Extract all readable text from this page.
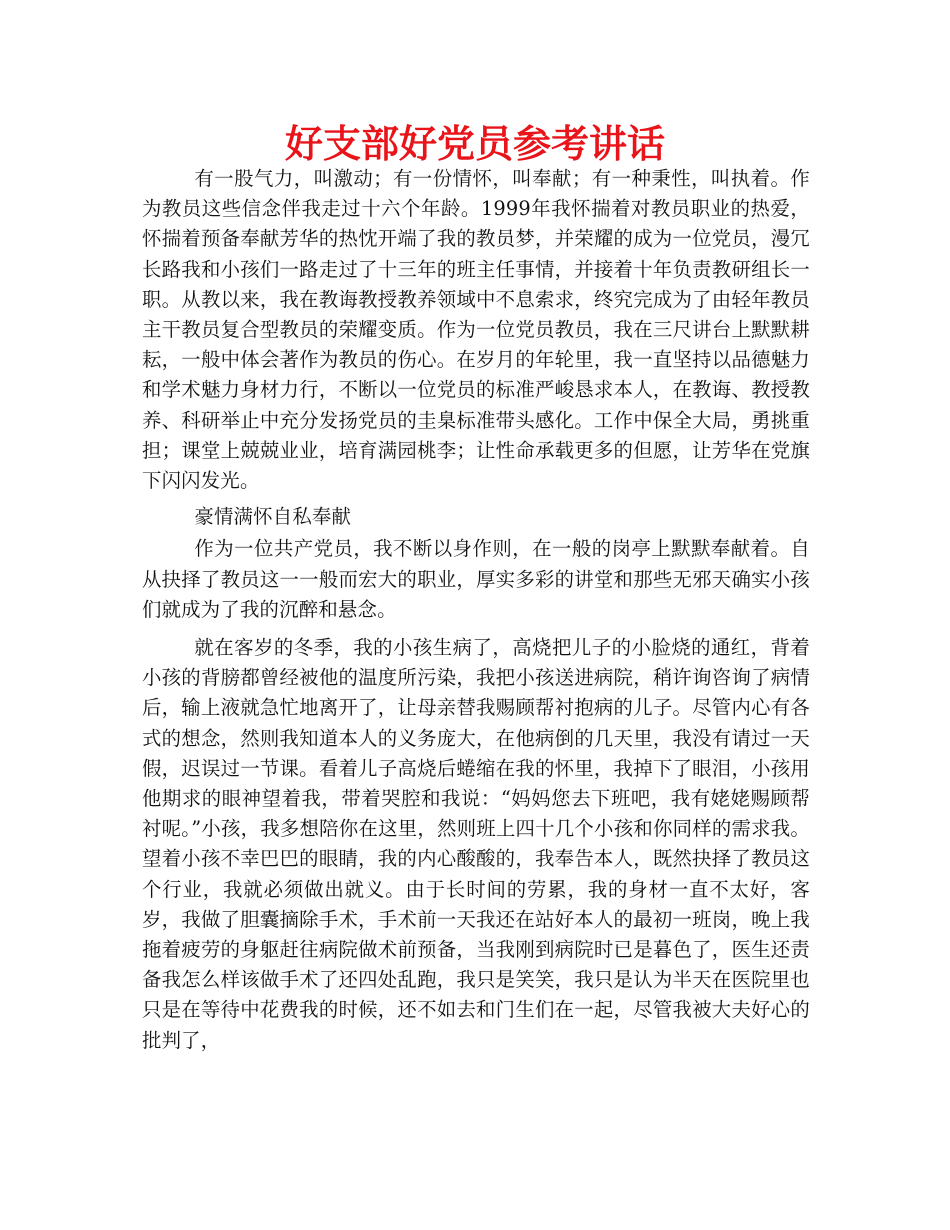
好支部好党员参考讲话

有一股气力，叫激动；有一份情怀，叫奉献；有一种秉性，叫执着。作为教员这些信念伴我走过十六个年龄。1999年我怀揣着对教员职业的热爱，怀揣着预备奉献芳华的热忱开端了我的教员梦，并荣耀的成为一位党员，漫冗长路我和小孩们一路走过了十三年的班主任事情，并接着十年负责教研组长一职。从教以来，我在教诲教授教养领域中不息索求，终究完成为了由轻年教员主干教员复合型教员的荣耀变质。作为一位党员教员，我在三尺讲台上默默耕耘，一般中体会著作为教员的伤心。在岁月的年轮里，我一直坚持以品德魅力和学术魅力身材力行，不断以一位党员的标准严峻恳求本人，在教诲、教授教养、科研举止中充分发扬党员的圭臬标准带头感化。工作中保全大局，勇挑重担；课堂上兢兢业业，培育满园桃李；让性命承载更多的但愿，让芳华在党旗下闪闪发光。

豪情满怀自私奉献

作为一位共产党员，我不断以身作则，在一般的岗亭上默默奉献着。自从抉择了教员这一一般而宏大的职业，厚实多彩的讲堂和那些无邪天确实小孩们就成为了我的沉醉和悬念。

就在客岁的冬季，我的小孩生病了，高烧把儿子的小脸烧的通红，背着小孩的背膀都曾经被他的温度所污染，我把小孩送进病院，稍许询咨询了病情后，输上液就急忙地离开了，让母亲替我赐顾帮衬抱病的儿子。尽管内心有各式的想念，然则我知道本人的义务庞大，在他病倒的几天里，我没有请过一天假，迟误过一节课。看着儿子高烧后蜷缩在我的怀里，我掉下了眼泪，小孩用他期求的眼神望着我，带着哭腔和我说：“妈妈您去下班吧，我有姥姥赐顾帮衬呢。”小孩，我多想陪你在这里，然则班上四十几个小孩和你同样的需求我。望着小孩不幸巴巴的眼睛，我的内心酸酸的，我奉告本人，既然抉择了教员这个行业，我就必须做出就义。由于长时间的劳累，我的身材一直不太好，客岁，我做了胆囊摘除手术，手术前一天我还在站好本人的最初一班岗，晚上我拖着疲劳的身躯赶往病院做术前预备，当我刚到病院时已是暮色了，医生还责备我怎么样该做手术了还四处乱跑，我只是笑笑，我只是认为半天在医院里也只是在等待中花费我的时候，还不如去和门生们在一起，尽管我被大夫好心的批判了，
